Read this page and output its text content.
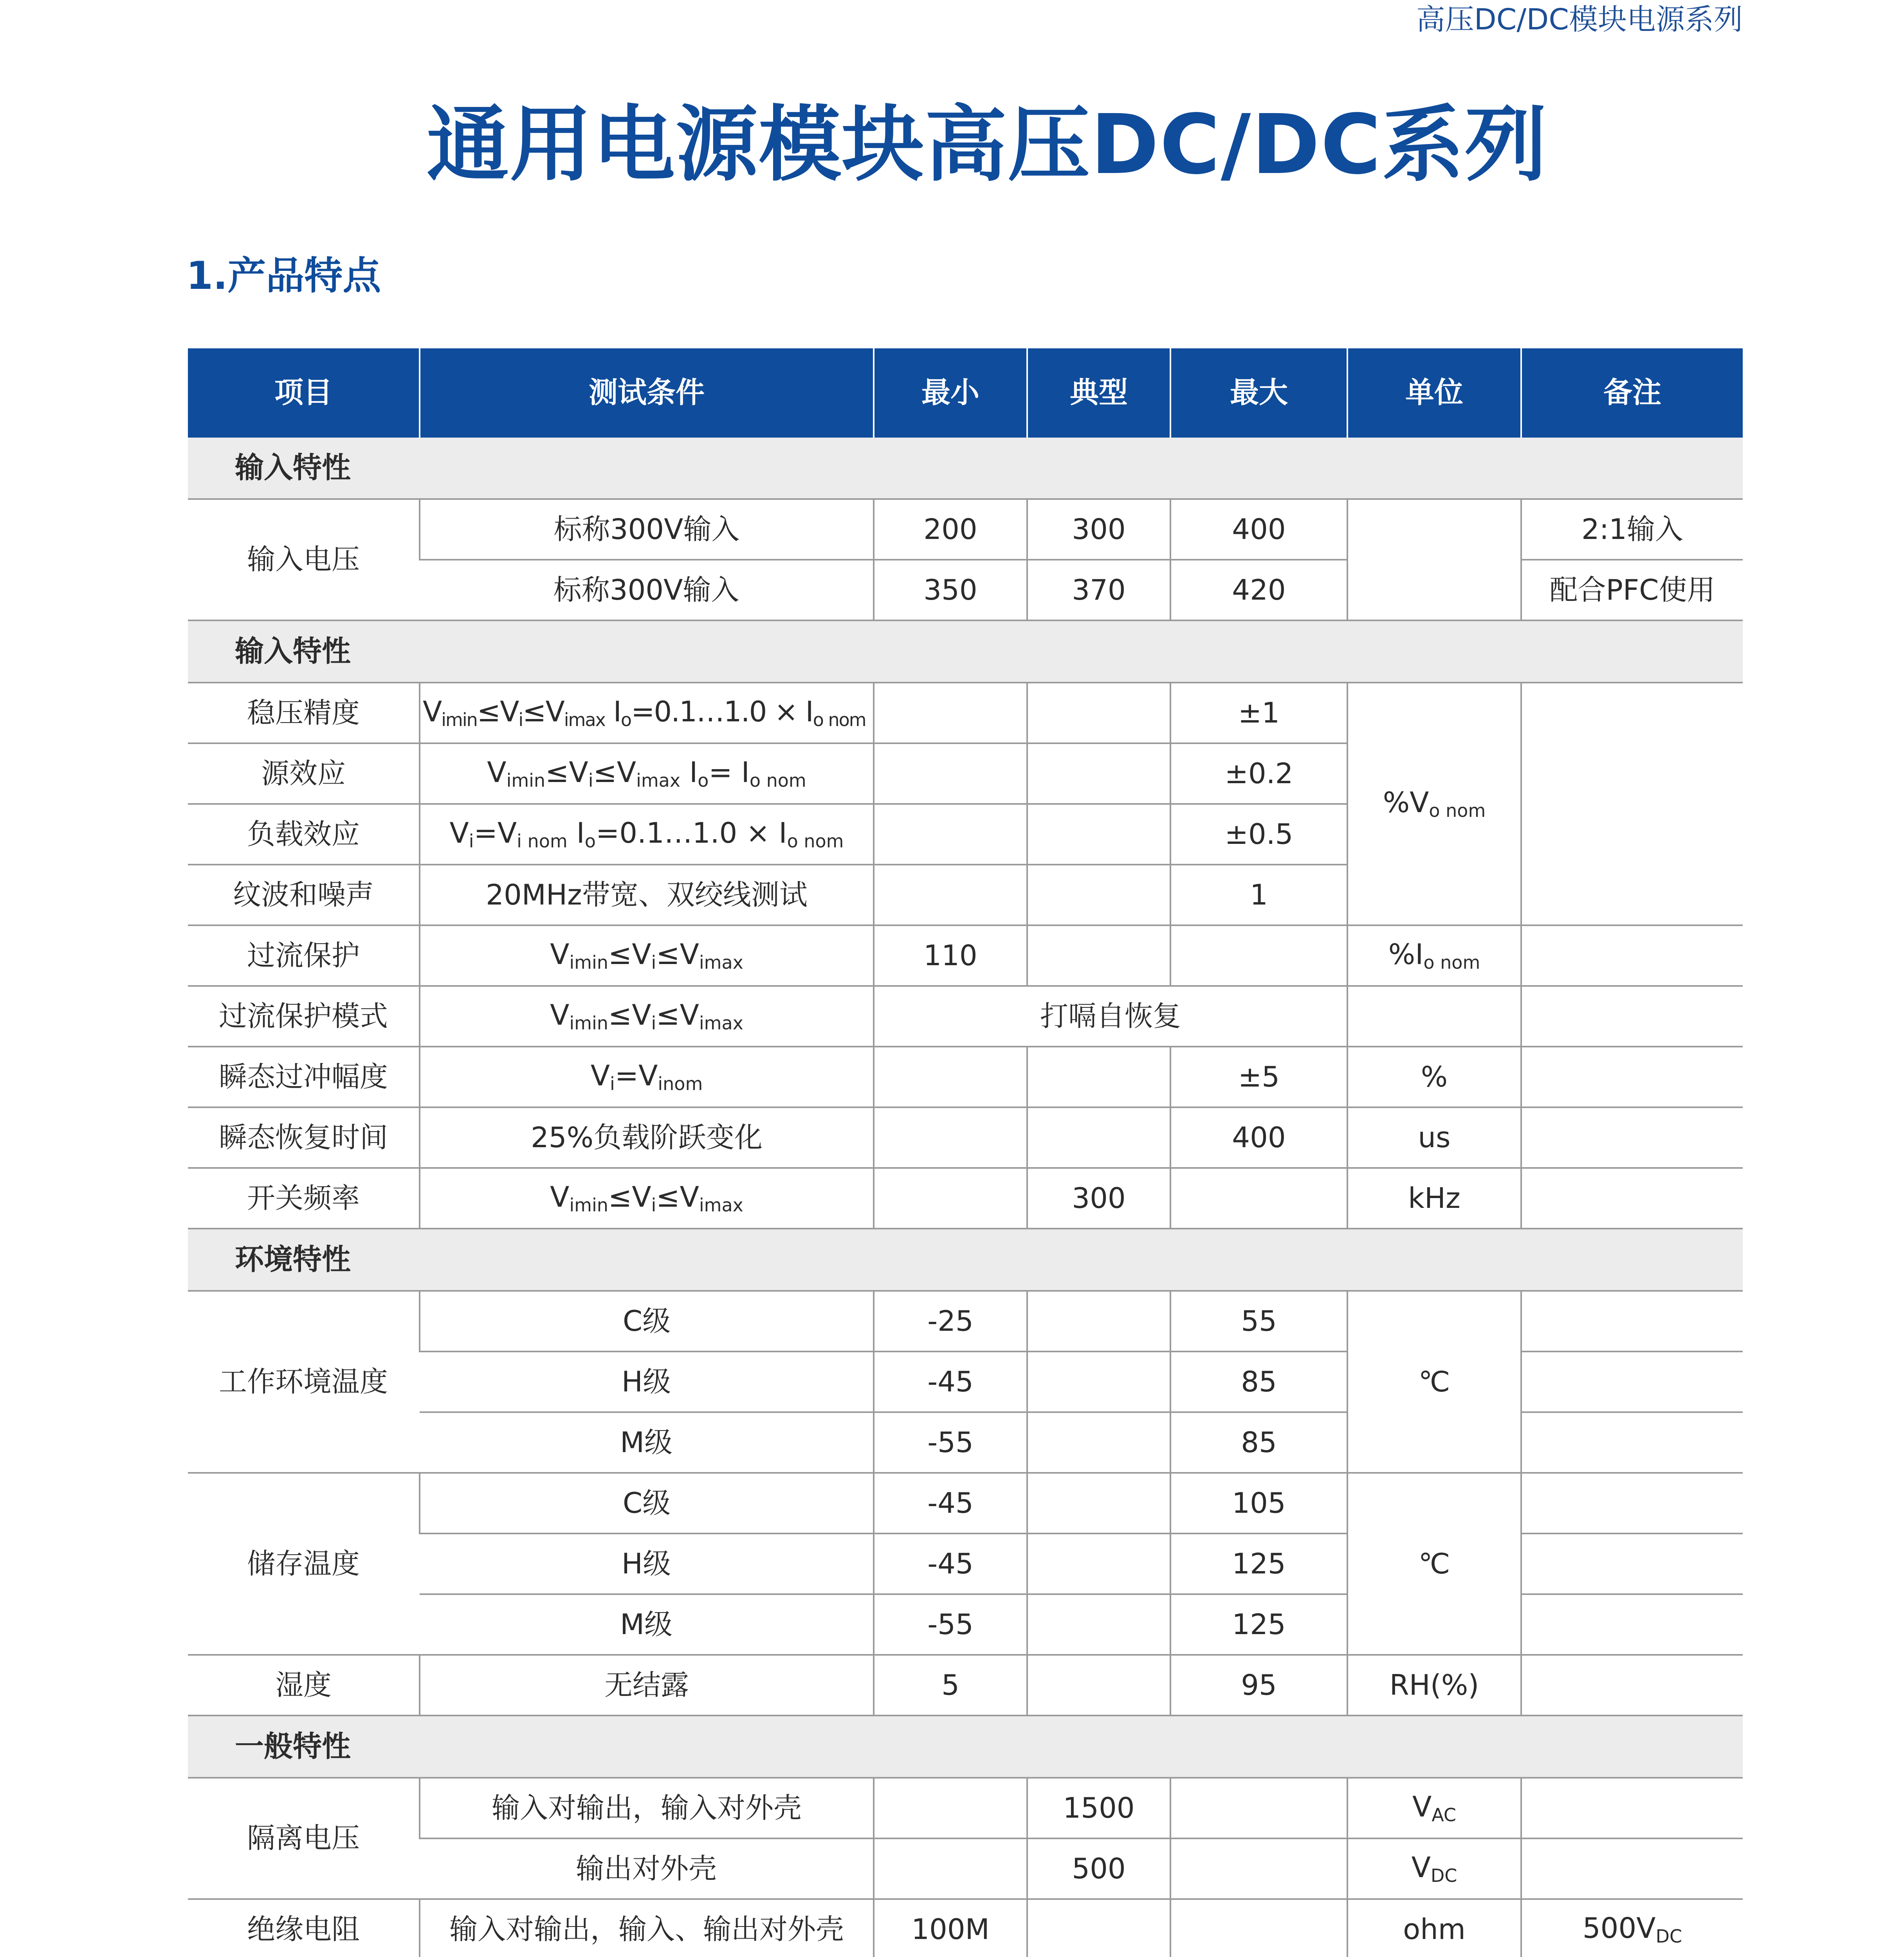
高压DC/DC模块电源系列
通用电源模块高压DC/DC系列
1.产品特点
项目	测试条件	最小	典型	最大	单位	备注
输入特性						
输入电压	标称300V输入	200	300	400		2:1输入
	标称300V输入	350	370	420		配合PFC使用
输入特性						
稳压精度	$V_{imin}\le V_i\le V_{imax}$ $I_o=0.1\dots 1.0 \times I_{o nom}$			±1	$\%V_{o nom}$	
源效应	$V_{imin}\le V_i\le V_{imax}$ $I_o= I_{o nom}$			±0.2		
负载效应	$V_i=V_{i nom}$ $I_o=0.1\dots 1.0 \times I_{o nom}$			±0.5		
纹波和噪声	20MHz带宽、双绞线测试			1		
过流保护	$V_{imin}\le V_i\le V_{imax}$	110			$\%I_{o nom}$	
过流保护模式	$V_{imin}\le V_i\le V_{imax}$	打嗝自恢复				
瞬态过冲幅度	$V_i=V_{inom}$			±5	%	
瞬态恢复时间	25%负载阶跃变化			400	us	
开关频率	$V_{imin}\le V_i\le V_{imax}$		300		kHz	
环境特性						
工作环境温度	C级	-25		55	℃	
	H级	-45		85		
	M级	-55		85		
储存温度	C级	-45		105	℃	
	H级	-45		125		
	M级	-55		125		
湿度	无结露	5		95	RH(%)	
一般特性						
隔离电压	输入对输出，输入对外壳		1500		$V_{AC}$	
	输出对外壳		500		$V_{DC}$	
绝缘电阻	输入对输出，输入、输出对外壳	100M			ohm	$500V_{DC}$
